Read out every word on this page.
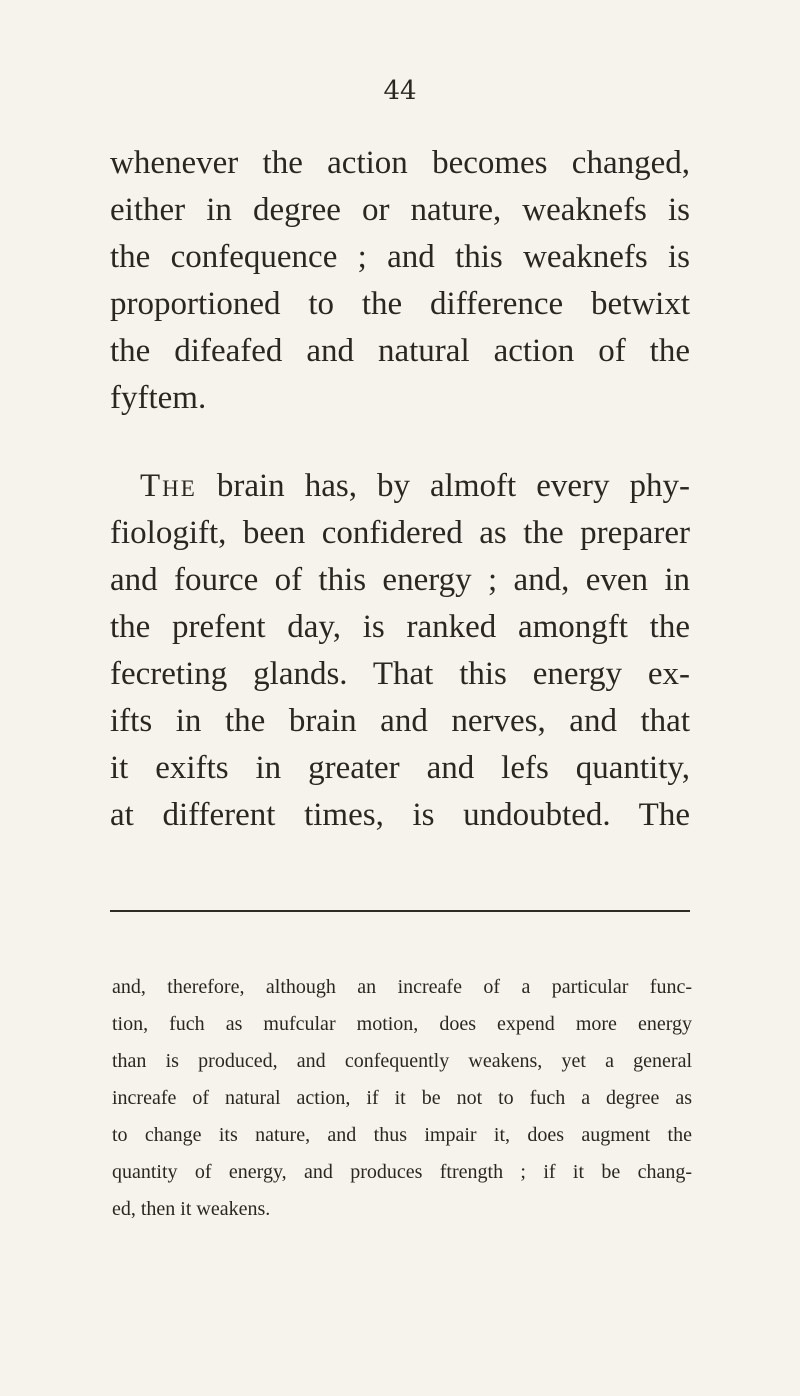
44
whenever the action becomes changed,
either in degree or nature, weaknefs is
the confequence ; and this weaknefs is
proportioned to the difference betwixt
the difeafed and natural action of the
fyftem.
The brain has, by almoft every phy-
fiologift, been confidered as the preparer
and fource of this energy ; and, even in
the prefent day, is ranked amongft the
fecreting glands. That this energy ex-
ifts in the brain and nerves, and that
it exifts in greater and lefs quantity,
at different times, is undoubted. The
and, therefore, although an increafe of a particular func-
tion, fuch as mufcular motion, does expend more energy
than is produced, and confequently weakens, yet a general
increafe of natural action, if it be not to fuch a degree as
to change its nature, and thus impair it, does augment the
quantity of energy, and produces ftrength ; if it be chang-
ed, then it weakens.
